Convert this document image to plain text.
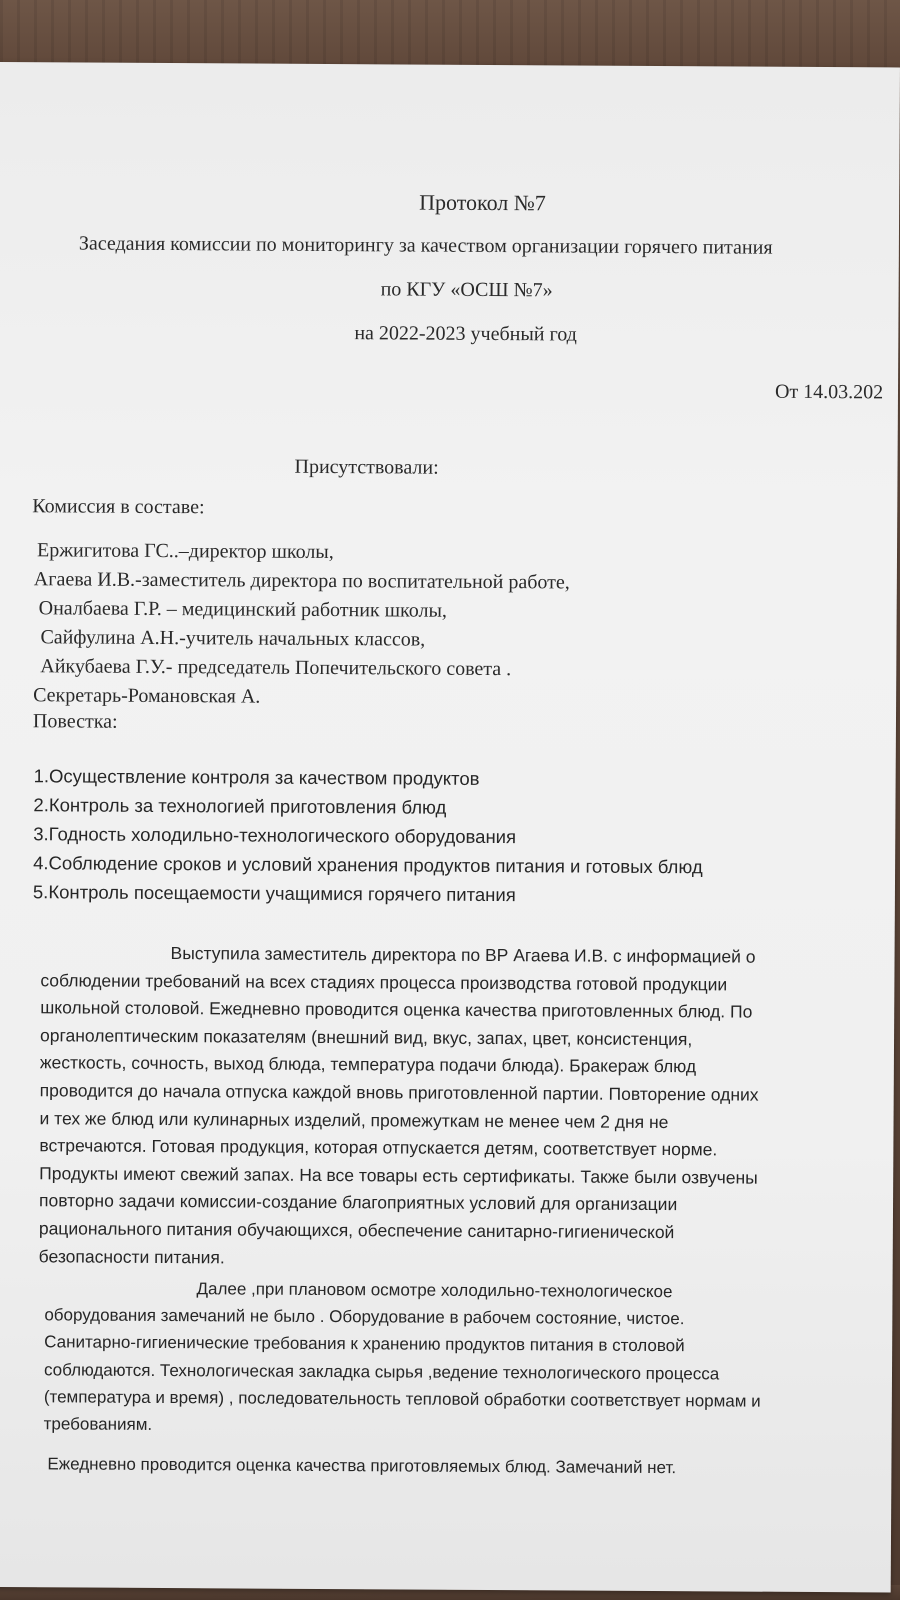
Протокол №7
Заседания комиссии по мониторингу за качеством организации горячего питания
по КГУ «ОСШ №7»
на 2022-2023 учебный год
От 14.03.202
Присутствовали:
Комиссия в составе:
Ержигитова ГС..–директор школы,
Агаева И.В.-заместитель директора по воспитательной работе,
Оналбаева Г.Р. – медицинский работник школы,
Сайфулина А.Н.-учитель начальных классов,
Айкубаева Г.У.- председатель Попечительского совета .
Секретарь-Романовская А.
Повестка:
1.Осуществление контроля за качеством продуктов
2.Контроль за технологией приготовления блюд
3.Годность холодильно-технологического оборудования
4.Соблюдение сроков и условий хранения продуктов питания и готовых блюд
5.Контроль посещаемости учащимися горячего питания
Выступила заместитель директора по ВР Агаева И.В. с информацией о
соблюдении требований на всех стадиях процесса производства готовой продукции
школьной столовой. Ежедневно проводится оценка качества приготовленных блюд. По
органолептическим показателям (внешний вид, вкус, запах, цвет, консистенция,
жесткость, сочность, выход блюда, температура подачи блюда). Бракераж блюд
проводится до начала отпуска каждой вновь приготовленной партии. Повторение одних
и тех же блюд или кулинарных изделий, промежуткам не менее чем 2 дня не
встречаются. Готовая продукция, которая отпускается детям, соответствует норме.
Продукты имеют свежий запах. На все товары есть сертификаты. Также были озвучены
повторно задачи комиссии-создание благоприятных условий для организации
рационального питания обучающихся, обеспечение санитарно-гигиенической
безопасности питания.
Далее ,при плановом осмотре холодильно-технологическое
оборудования замечаний не было . Оборудование в рабочем состояние, чистое.
Санитарно-гигиенические требования к хранению продуктов питания в столовой
соблюдаются. Технологическая закладка сырья ,ведение технологического процесса
(температура и время) , последовательность тепловой обработки соответствует нормам и
требованиям.
Ежедневно проводится оценка качества приготовляемых блюд. Замечаний нет.
